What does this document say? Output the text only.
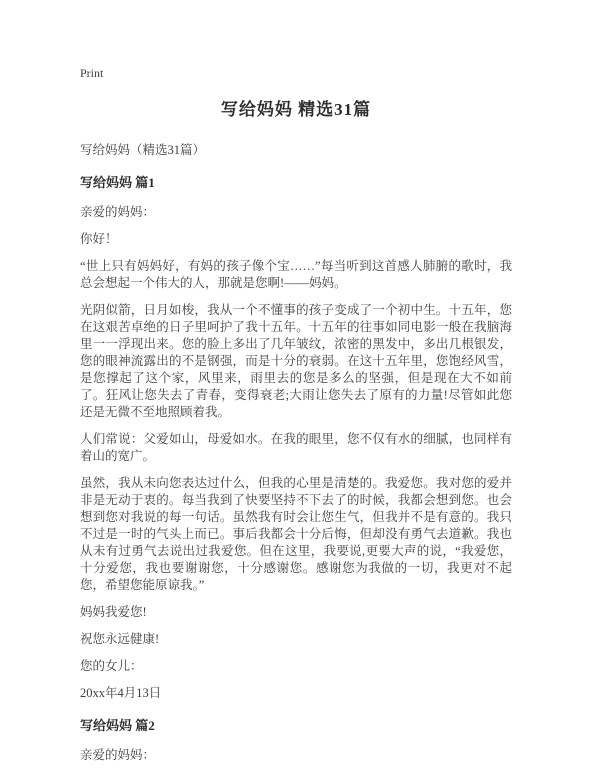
Print
写给妈妈 精选31篇
写给妈妈（精选31篇）
写给妈妈 篇1

亲爱的妈妈：

你好！

“世上只有妈妈好，有妈的孩子像个宝……”每当听到这首感人肺腑的歌时，我总会想起一个伟大的人，那就是您啊!——妈妈。

光阴似箭，日月如梭，我从一个不懂事的孩子变成了一个初中生。十五年，您在这艰苦卓绝的日子里呵护了我十五年。十五年的往事如同电影一般在我脑海里一一浮现出来。您的脸上多出了几年皱纹，浓密的黑发中，多出几根银发，您的眼神流露出的不是钢强，而是十分的衰弱。在这十五年里，您饱经风雪，是您撑起了这个家，风里来，雨里去的您是多么的坚强，但是现在大不如前了。狂风让您失去了青春，变得衰老;大雨让您失去了原有的力量!尽管如此您还是无微不至地照顾着我。

人们常说：父爱如山，母爱如水。在我的眼里，您不仅有水的细腻，也同样有着山的宽广。

虽然，我从未向您表达过什么，但我的心里是清楚的。我爱您。我对您的爱并非是无动于衷的。每当我到了快要坚持不下去了的时候，我都会想到您。也会想到您对我说的每一句话。虽然我有时会让您生气，但我并不是有意的。我只不过是一时的气头上而已。事后我都会十分后悔，但却没有勇气去道歉。我也从未有过勇气去说出过我爱您。但在这里，我要说,更要大声的说，“我爱您，十分爱您，我也要谢谢您，十分感谢您。感谢您为我做的一切，我更对不起您，希望您能原谅我。”

妈妈我爱您!

祝您永远健康!

您的女儿：

20xx年4月13日

写给妈妈 篇2

亲爱的妈妈：
